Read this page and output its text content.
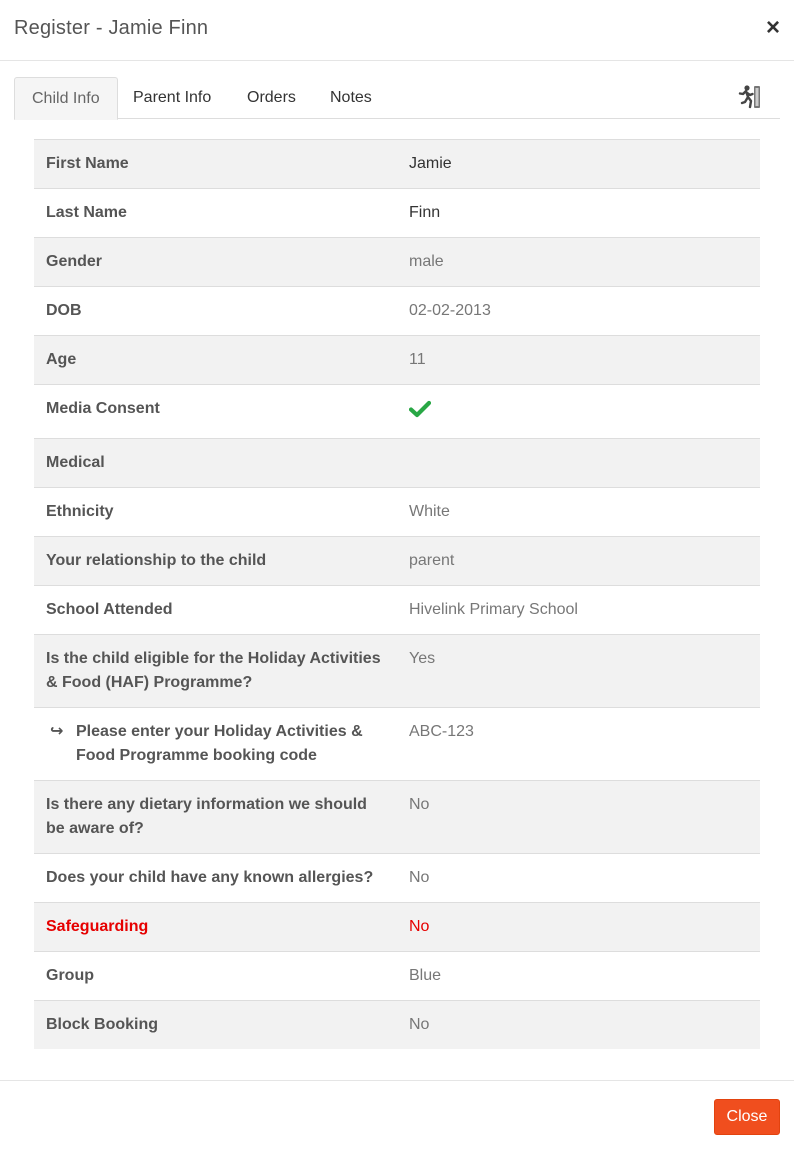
Register - Jamie Finn	×
Child Info	Parent Info	Orders	Notes
First Name	Jamie
Last Name	Finn
Gender	male
DOB	02-02-2013
Age	11
Media Consent	
Medical	
Ethnicity	White
Your relationship to the child	parent
School Attended	Hivelink Primary School
Is the child eligible for the Holiday Activities & Food (HAF) Programme?	Yes

↪ Please enter your Holiday Activities & Food Programme booking code	ABC-123
Is there any dietary information we should be aware of?	No
Does your child have any known allergies?	No
Safeguarding	No
Group	Blue
Block Booking	No
Close
